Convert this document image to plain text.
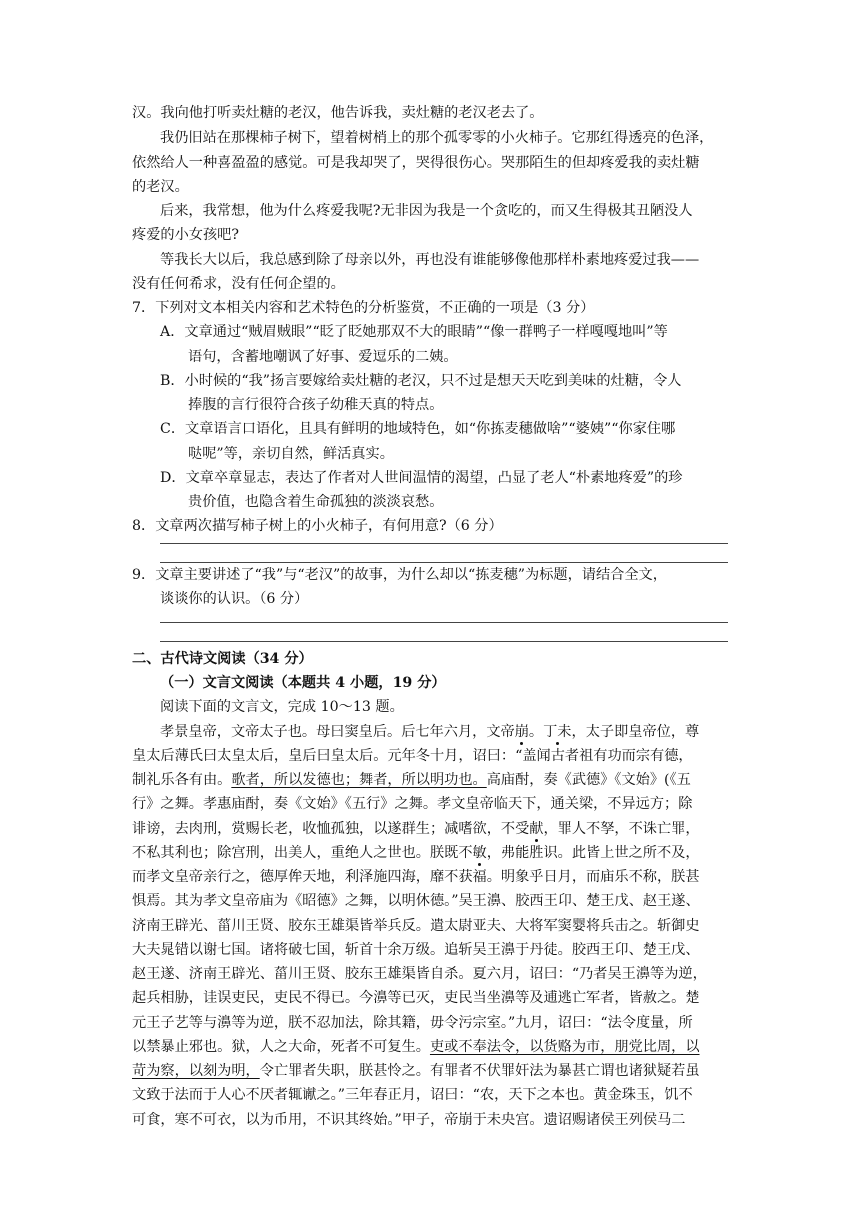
汉。我向他打听卖灶糖的老汉，他告诉我，卖灶糖的老汉老去了。
我仍旧站在那棵柿子树下，望着树梢上的那个孤零零的小火柿子。它那红得透亮的色泽，
依然给人一种喜盈盈的感觉。可是我却哭了，哭得很伤心。哭那陌生的但却疼爱我的卖灶糖
的老汉。
后来，我常想，他为什么疼爱我呢?无非因为我是一个贪吃的，而又生得极其丑陋没人
疼爱的小女孩吧?
等我长大以后，我总感到除了母亲以外，再也没有谁能够像他那样朴素地疼爱过我——
没有任何希求，没有任何企望的。
7．下列对文本相关内容和艺术特色的分析鉴赏，不正确的一项是（3 分）
A．文章通过“贼眉贼眼”“眨了眨她那双不大的眼睛”“像一群鸭子一样嘎嘎地叫”等
语句，含蓄地嘲讽了好事、爱逗乐的二姨。
B．小时候的“我”扬言要嫁给卖灶糖的老汉，只不过是想天天吃到美味的灶糖，令人
捧腹的言行很符合孩子幼稚天真的特点。
C．文章语言口语化，且具有鲜明的地域特色，如“你拣麦穗做啥”“婆姨”“你家住哪
哒呢”等，亲切自然，鲜活真实。
D．文章卒章显志，表达了作者对人世间温情的渴望，凸显了老人“朴素地疼爱”的珍
贵价值，也隐含着生命孤独的淡淡哀愁。
8．文章两次描写柿子树上的小火柿子，有何用意?（6 分）
9．文章主要讲述了“我”与“老汉”的故事，为什么却以“拣麦穗”为标题，请结合全文，
谈谈你的认识。（6 分）
二、古代诗文阅读（34 分）
（一）文言文阅读（本题共 4 小题，19 分）
阅读下面的文言文，完成 10～13 题。
孝景皇帝，文帝太子也。母曰窦皇后。后七年六月，文帝崩。丁未，太子即皇帝位，尊
皇太后薄氏曰太皇太后，皇后曰皇太后。元年冬十月，诏曰：“盖闻古者祖有功而宗有德，
制礼乐各有由。歌者，所以发德也；舞者，所以明功也。高庙酎，奏《武德》《文始》(《五
行》之舞。孝惠庙酎，奏《文始》《五行》之舞。孝文皇帝临天下，通关梁，不异远方；除
诽谤，去肉刑，赏赐长老，收恤孤独，以遂群生；减嗜欲，不受献，罪人不孥，不诛亡罪，
不私其利也；除宫刑，出美人，重绝人之世也。朕既不敏，弗能胜识。此皆上世之所不及，
而孝文皇帝亲行之，德厚侔天地，利泽施四海，靡不获福。明象乎日月，而庙乐不称，朕甚
惧焉。其为孝文皇帝庙为《昭德》之舞，以明休德。”吴王濞、胶西王卬、楚王戊、赵王遂、
济南王辟光、菑川王贤、胶东王雄渠皆举兵反。遣太尉亚夫、大将军窦婴将兵击之。斩御史
大夫晁错以谢七国。诸将破七国，斩首十余万级。追斩吴王濞于丹徒。胶西王卬、楚王戊、
赵王遂、济南王辟光、菑川王贤、胶东王雄渠皆自杀。夏六月，诏曰：“乃者吴王濞等为逆，
起兵相胁，诖误吏民，吏民不得已。今濞等已灭，吏民当坐濞等及逋逃亡军者，皆赦之。楚
元王子艺等与濞等为逆，朕不忍加法，除其籍，毋令污宗室。”九月，诏曰：“法令度量，所
以禁暴止邪也。狱，人之大命，死者不可复生。吏或不奉法令，以货赂为市，朋党比周，以
苛为察，以刻为明，令亡罪者失职，朕甚怜之。有罪者不伏罪奸法为暴甚亡谓也诸狱疑若虽
文致于法而于人心不厌者辄谳之。”三年春正月，诏曰：“农，天下之本也。黄金珠玉，饥不
可食，寒不可衣，以为币用，不识其终始。”甲子，帝崩于未央宫。遗诏赐诸侯王列侯马二
